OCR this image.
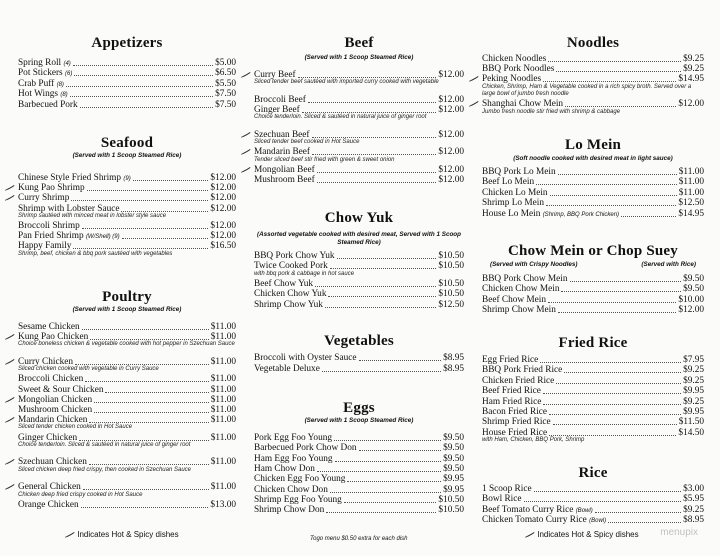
Appetizers
Spring Roll (4)	$5.00
Pot Stickers (6)	$6.50
Crab Puff (8)	$5.50
Hot Wings (8)	$7.50
Barbecued Pork	$7.50
Seafood
(Served with 1 Scoop Steamed Rice)
Chinese Style Fried Shrimp (9)	$12.00
Kung Pao Shrimp	$12.00
Curry Shrimp	$12.00
Shrimp with Lobster Sauce	$12.00
Shrimp sautéed with minced meat in lobster style sauce
Broccoli Shrimp	$12.00
Pan Fried Shrimp (W/Shell) (9)	$12.00
Happy Family	$16.50
Shrimp, beef, chicken & bbq pork sautéed with vegetables
Poultry
(Served with 1 Scoop Steamed Rice)
Sesame Chicken	$11.00
Kung Pao Chicken	$11.00
Choice boneless chicken & vegetable cooked with hot pepper in Szechuan Sauce
Curry Chicken	$11.00
Sliced chicken cooked with vegetable in Curry Sauce
Broccoli Chicken	$11.00
Sweet & Sour Chicken	$11.00
Mongolian Chicken	$11.00
Mushroom Chicken	$11.00
Mandarin Chicken	$11.00
Sliced tender chicken cooked in Hot Sauce
Ginger Chicken	$11.00
Choice tenderloin. Sliced & sautéed in natural juice of ginger root
Szechuan Chicken	$11.00
Sliced chicken deep fried crispy, then cooked in Szechuan Sauce
General Chicken	$11.00
Chicken deep fried crispy cooked in Hot Sauce
Orange Chicken	$13.00
Beef
(Served with 1 Scoop Steamed Rice)
Curry Beef	$12.00
Sliced tender beef sautéed with imported curry cooked with vegetable
Broccoli Beef	$12.00
Ginger Beef	$12.00
Choice tenderloin. Sliced & sautéed in natural juice of ginger root
Szechuan Beef	$12.00
Sliced tender beef cooked in Hot Sauce
Mandarin Beef	$12.00
Tender sliced beef stir fried with green & sweet onion
Mongolian Beef	$12.00
Mushroom Beef	$12.00
Chow Yuk
(Assorted vegetable cooked with desired meat, Served with 1 Scoop Steamed Rice)
BBQ Pork Chow Yuk	$10.50
Twice Cooked Pork	$10.50
with bbq pork & cabbage in hot sauce
Beef Chow Yuk	$10.50
Chicken Chow Yuk	$10.50
Shrimp Chow Yuk	$12.50
Vegetables
Broccoli with Oyster Sauce	$8.95
Vegetable Deluxe	$8.95
Eggs
(Served with 1 Scoop Steamed Rice)
Pork Egg Foo Young	$9.50
Barbecued Pork Chow Don	$9.50
Ham Egg Foo Young	$9.50
Ham Chow Don	$9.50
Chicken Egg Foo Young	$9.95
Chicken Chow Don	$9.95
Shrimp Egg Foo Young	$10.50
Shrimp Chow Don	$10.50
Noodles
Chicken Noodles	$9.25
BBQ Pork Noodles	$9.25
Peking Noodles	$14.95
Chicken, Shrimp, Ham & Vegetable cooked in a rich spicy broth. Served over a large bowl of jumbo fresh noodle
Shanghai Chow Mein	$12.00
Jumbo fresh noodle stir fried with shrimp & cabbage
Lo Mein
(Soft noodle cooked with desired meat in light sauce)
BBQ Pork Lo Mein	$11.00
Beef Lo Mein	$11.00
Chicken Lo Mein	$11.00
Shrimp Lo Mein	$12.50
House Lo Mein (Shrimp, BBQ Pork Chicken)	$14.95
Chow Mein or Chop Suey
(Served with Crispy Noodles)	(Served with Rice)
BBQ Pork Chow Mein	$9.50
Chicken Chow Mein	$9.50
Beef Chow Mein	$10.00
Shrimp Chow Mein	$12.00
Fried Rice
Egg Fried Rice	$7.95
BBQ Pork Fried Rice	$9.25
Chicken Fried Rice	$9.25
Beef Fried Rice	$9.95
Ham Fried Rice	$9.25
Bacon Fried Rice	$9.95
Shrimp Fried Rice	$11.50
House Fried Rice	$14.50
with Ham, Chicken, BBQ Pork, Shrimp
Rice
1 Scoop Rice	$3.00
Bowl Rice	$5.95
Beef Tomato Curry Rice (Bowl)	$9.25
Chicken Tomato Curry Rice (Bowl)	$8.95
Indicates Hot & Spicy dishes	Togo menu $0.50 extra for each dish	Indicates Hot & Spicy dishes menupix
